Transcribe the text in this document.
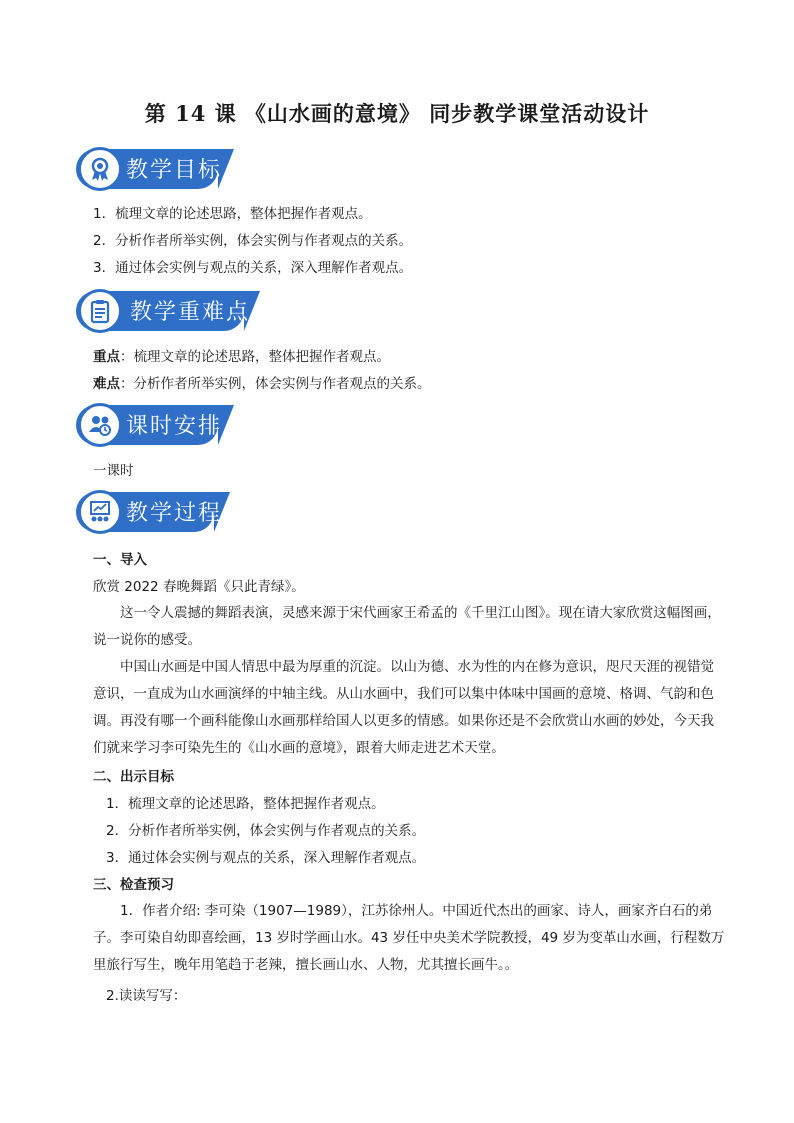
第 14 课 《山水画的意境》 同步教学课堂活动设计
教学目标
1．梳理文章的论述思路，整体把握作者观点。
2．分析作者所举实例，体会实例与作者观点的关系。
3．通过体会实例与观点的关系，深入理解作者观点。
教学重难点
重点：梳理文章的论述思路，整体把握作者观点。
难点：分析作者所举实例，体会实例与作者观点的关系。
课时安排
一课时
教学过程
一、导入
欣赏 2022 春晚舞蹈《只此青绿》。
这一令人震撼的舞蹈表演，灵感来源于宋代画家王希孟的《千里江山图》。现在请大家欣赏这幅图画，说一说你的感受。
中国山水画是中国人情思中最为厚重的沉淀。以山为德、水为性的内在修为意识，咫尺天涯的视错觉意识，一直成为山水画演绎的中轴主线。从山水画中，我们可以集中体味中国画的意境、格调、气韵和色调。再没有哪一个画科能像山水画那样给国人以更多的情感。如果你还是不会欣赏山水画的妙处，今天我们就来学习李可染先生的《山水画的意境》，跟着大师走进艺术天堂。
二、出示目标
1．梳理文章的论述思路，整体把握作者观点。
2．分析作者所举实例，体会实例与作者观点的关系。
3．通过体会实例与观点的关系，深入理解作者观点。
三、检查预习
1．作者介绍: 李可染（1907—1989），江苏徐州人。中国近代杰出的画家、诗人，画家齐白石的弟子。李可染自幼即喜绘画，13 岁时学画山水。43 岁任中央美术学院教授，49 岁为变革山水画，行程数万里旅行写生，晚年用笔趋于老辣，擅长画山水、人物，尤其擅长画牛。。
2.读读写写：
